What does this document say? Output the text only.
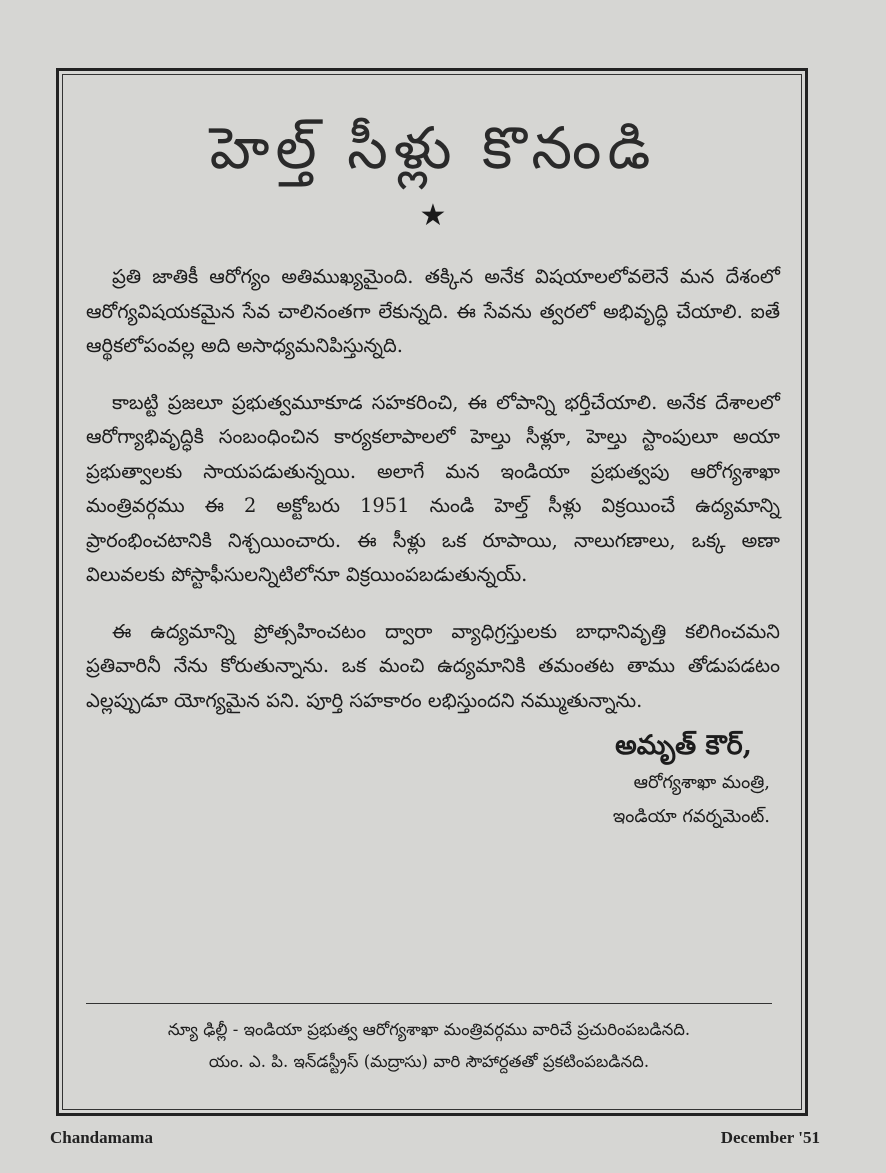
హెల్త్ సీళ్లు కొనండి
★

ప్రతి జాతికీ ఆరోగ్యం అతిముఖ్యమైంది. తక్కిన అనేక విషయాలలోవలెనే మన దేశంలో ఆరోగ్యవిషయకమైన సేవ చాలినంతగా లేకున్నది. ఈ సేవను త్వరలో అభివృద్ధి చేయాలి. ఐతే ఆర్థికలోపంవల్ల అది అసాధ్యమనిపిస్తున్నది.

కాబట్టి ప్రజలూ ప్రభుత్వమూకూడ సహకరించి, ఈ లోపాన్ని భర్తీచేయాలి. అనేక దేశాలలో ఆరోగ్యాభివృద్ధికి సంబంధించిన కార్యకలాపాలలో హెల్తు సీళ్లూ, హెల్తు స్టాంపులూ అయా ప్రభుత్వాలకు సాయపడుతున్నయి. అలాగే మన ఇండియా ప్రభుత్వపు ఆరోగ్యశాఖా మంత్రివర్గము ఈ 2 అక్టోబరు 1951 నుండి హెల్త్ సీళ్లు విక్రయించే ఉద్యమాన్ని ప్రారంభించటానికి నిశ్చయించారు. ఈ సీళ్లు ఒక రూపాయి, నాలుగణాలు, ఒక్క అణా విలువలకు పోస్టాఫీసులన్నిటిలోనూ విక్రయింపబడుతున్నయ్.

ఈ ఉద్యమాన్ని ప్రోత్సహించటం ద్వారా వ్యాధిగ్రస్తులకు బాధానివృత్తి కలిగించమని ప్రతివారినీ నేను కోరుతున్నాను. ఒక మంచి ఉద్యమానికి తమంతట తాము తోడుపడటం ఎల్లప్పుడూ యోగ్యమైన పని. పూర్తి సహకారం లభిస్తుందని నమ్ముతున్నాను.

అమృత్ కౌర్,
ఆరోగ్యశాఖా మంత్రి,
ఇండియా గవర్నమెంట్.
న్యూ ఢిల్లీ - ఇండియా ప్రభుత్వ ఆరోగ్యశాఖా మంత్రివర్గము వారిచే ప్రచురింపబడినది.
యం. ఎ. పి. ఇన్‌డస్ట్రీస్ (మద్రాసు) వారి సౌహార్దతతో ప్రకటింపబడినది.
Chandamama	December '51
